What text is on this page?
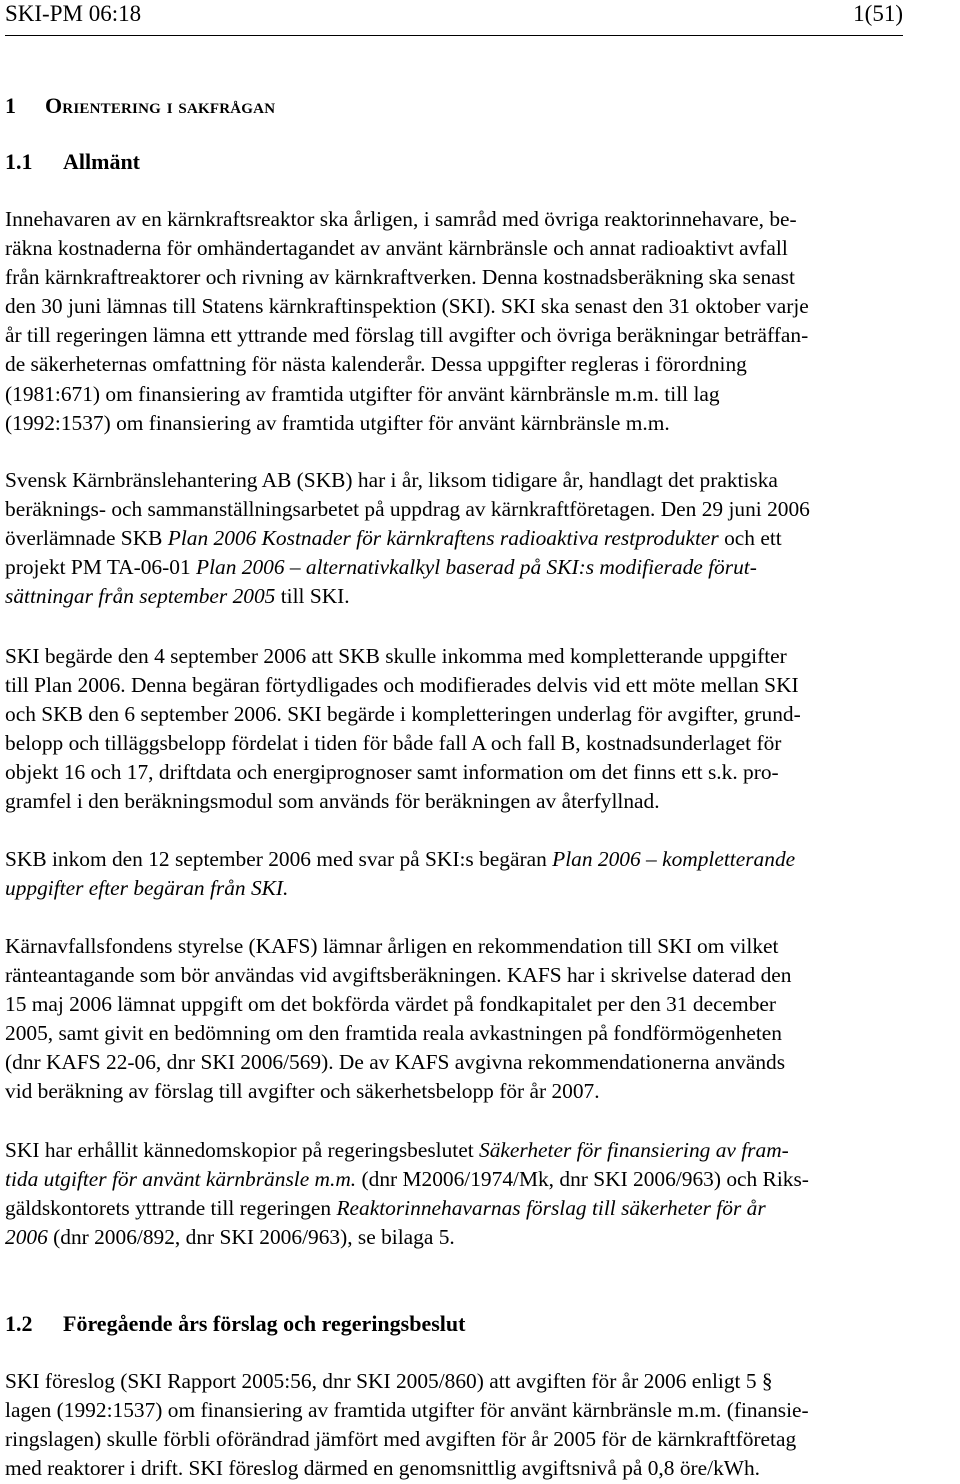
SKI-PM 06:18	1(51)
1 Orientering i sakfrågan
1.1 Allmänt
Innehavaren av en kärnkraftsreaktor ska årligen, i samråd med övriga reaktorinnehavare, be-
räkna kostnaderna för omhändertagandet av använt kärnbränsle och annat radioaktivt avfall
från kärnkraftreaktorer och rivning av kärnkraftverken. Denna kostnadsberäkning ska senast
den 30 juni lämnas till Statens kärnkraftinspektion (SKI). SKI ska senast den 31 oktober varje
år till regeringen lämna ett yttrande med förslag till avgifter och övriga beräkningar beträffan-
de säkerheternas omfattning för nästa kalenderår. Dessa uppgifter regleras i förordning
(1981:671) om finansiering av framtida utgifter för använt kärnbränsle m.m. till lag
(1992:1537) om finansiering av framtida utgifter för använt kärnbränsle m.m.
Svensk Kärnbränslehantering AB (SKB) har i år, liksom tidigare år, handlagt det praktiska
beräknings- och sammanställningsarbetet på uppdrag av kärnkraftföretagen. Den 29 juni 2006
överlämnade SKB Plan 2006 Kostnader för kärnkraftens radioaktiva restprodukter och ett
projekt PM TA-06-01 Plan 2006 – alternativkalkyl baserad på SKI:s modifierade förut-
sättningar från september 2005 till SKI.
SKI begärde den 4 september 2006 att SKB skulle inkomma med kompletterande uppgifter
till Plan 2006. Denna begäran förtydligades och modifierades delvis vid ett möte mellan SKI
och SKB den 6 september 2006. SKI begärde i kompletteringen underlag för avgifter, grund-
belopp och tilläggsbelopp fördelat i tiden för både fall A och fall B, kostnadsunderlaget för
objekt 16 och 17, driftdata och energiprognoser samt information om det finns ett s.k. pro-
gramfel i den beräkningsmodul som används för beräkningen av återfyllnad.
SKB inkom den 12 september 2006 med svar på SKI:s begäran Plan 2006 – kompletterande
uppgifter efter begäran från SKI.
Kärnavfallsfondens styrelse (KAFS) lämnar årligen en rekommendation till SKI om vilket
ränteantagande som bör användas vid avgiftsberäkningen. KAFS har i skrivelse daterad den
15 maj 2006 lämnat uppgift om det bokförda värdet på fondkapitalet per den 31 december
2005, samt givit en bedömning om den framtida reala avkastningen på fondförmögenheten
(dnr KAFS 22-06, dnr SKI 2006/569). De av KAFS avgivna rekommendationerna används
vid beräkning av förslag till avgifter och säkerhetsbelopp för år 2007.
SKI har erhållit kännedomskopior på regeringsbeslutet Säkerheter för finansiering av fram-
tida utgifter för använt kärnbränsle m.m. (dnr M2006/1974/Mk, dnr SKI 2006/963) och Riks-
gäldskontorets yttrande till regeringen Reaktorinnehavarnas förslag till säkerheter för år
2006 (dnr 2006/892, dnr SKI 2006/963), se bilaga 5.
1.2 Föregående års förslag och regeringsbeslut
SKI föreslog (SKI Rapport 2005:56, dnr SKI 2005/860) att avgiften för år 2006 enligt 5 §
lagen (1992:1537) om finansiering av framtida utgifter för använt kärnbränsle m.m. (finansie-
ringslagen) skulle förbli oförändrad jämfört med avgiften för år 2005 för de kärnkraftföretag
med reaktorer i drift. SKI föreslog därmed en genomsnittlig avgiftsnivå på 0,8 öre/kWh.
